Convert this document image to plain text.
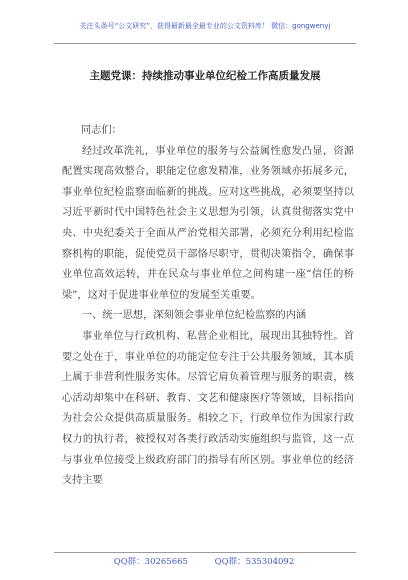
关注头条号“公文研究”，获得最新最全最专业的公文资料库！ 微信：gongwenyj
主题党课：持续推动事业单位纪检工作高质量发展

同志们：

经过改革洗礼，事业单位的服务与公益属性愈发凸显，资源配置实现高效整合，职能定位愈发精准，业务领域亦拓展多元，事业单位纪检监察面临新的挑战。应对这些挑战，必须要坚持以习近平新时代中国特色社会主义思想为引领，认真贯彻落实党中央、中央纪委关于全面从严治党相关部署，必须充分利用纪检监察机构的职能，促使党员干部恪尽职守，贯彻决策指令，确保事业单位高效运转，并在民众与事业单位之间构建一座“信任的桥梁”，这对于促进事业单位的发展至关重要。

一、统一思想，深刻领会事业单位纪检监察的内涵

事业单位与行政机构、私营企业相比，展现出其独特性。首要之处在于，事业单位的功能定位专注于公共服务领域，其本质上属于非营利性服务实体。尽管它肩负着管理与服务的职责，核心活动却集中在科研、教育、文艺和健康医疗等领域，目标指向为社会公众提供高质量服务。相较之下，行政单位作为国家行政权力的执行者，被授权对各类行政活动实施组织与监管，这一点与事业单位接受上级政府部门的指导有所区别。事业单位的经济支持主要

QQ群：30265665	QQ群：535304092
